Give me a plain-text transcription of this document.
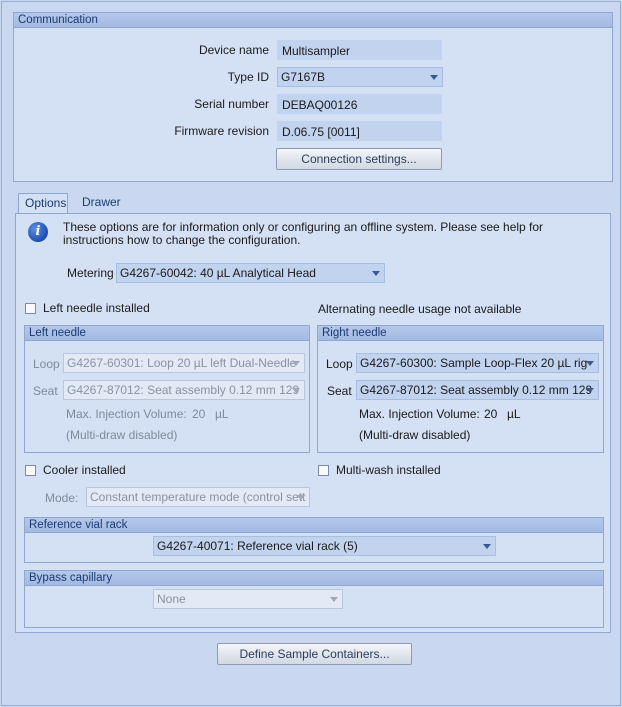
Communication
Device name	Multisampler
Type ID G7167B
Serial number	DEBAQ00126
Firmware revision	D.06.75 [0011]
Connection settings...
Options	Drawer
i	These options are for information only or configuring an offline system. Please see help for instructions how to change the configuration.
Metering G4267-60042: 40 µL Analytical Head
Left needle installed	Alternating needle usage not available
Left needle
Loop G4267-60301: Loop 20 µL left Dual-Needle
Seat G4267-87012: Seat assembly 0.12 mm 129
Max. Injection Volume: 20 µL
(Multi-draw disabled)
Right needle
Loop G4267-60300: Sample Loop-Flex 20 µL rig
Seat G4267-87012: Seat assembly 0.12 mm 129
Max. Injection Volume: 20 µL
(Multi-draw disabled)
Cooler installed	Multi-wash installed
Mode: Constant temperature mode (control sett
Reference vial rack
G4267-40071: Reference vial rack (5)
Bypass capillary
None
Define Sample Containers...
